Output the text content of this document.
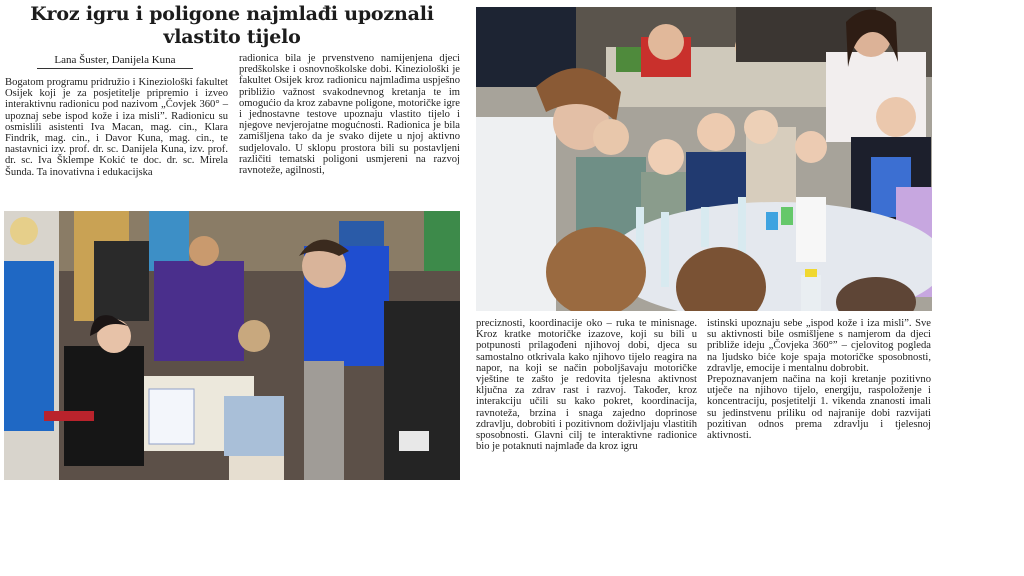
Kroz igru i poligone najmlađi upoznali
vlastito tijelo
Lana Šuster, Danijela Kuna

Bogatom programu pridružio i Kineziološki fakultet Osijek koji je za posjetitelje pripremio i izveo interaktivnu radionicu pod nazivom „Čovjek 360° – upoznaj sebe ispod kože i iza misli”. Radionicu su osmislili asistenti Iva Macan, mag. cin., Klara Findrik, mag. cin., i Davor Kuna, mag. cin., te nastavnici izv. prof. dr. sc. Danijela Kuna, izv. prof. dr. sc. Iva Šklempe Kokić te doc. dr. sc. Mirela Šunda. Ta inovativna i edukacijska

radionica bila je prvenstveno namijenjena djeci predškolske i osnovnoškolske dobi. Kineziološki je fakultet Osijek kroz radionicu najmlađima uspješno približio važnost svakodnevnog kretanja te im omogućio da kroz zabavne poligone, motoričke igre i jednostavne testove upoznaju vlastito tijelo i njegove nevjerojatne mogućnosti. Radionica je bila zamišljena tako da je svako dijete u njoj aktivno sudjelovalo. U sklopu prostora bili su postavljeni različiti tematski poligoni usmjereni na razvoj ravnoteže, agilnosti,

preciznosti, koordinacije oko – ruka te minisnage. Kroz kratke motoričke izazove, koji su bili u potpunosti prilagođeni njihovoj dobi, djeca su samostalno otkrivala kako njihovo tijelo reagira na napor, na koji se način poboljšavaju motoričke vještine te zašto je redovita tjelesna aktivnost ključna za zdrav rast i razvoj. Također, kroz interakciju učili su kako pokret, koordinacija, ravnoteža, brzina i snaga zajedno doprinose zdravlju, dobrobiti i pozitivnom doživljaju vlastitih sposobnosti. Glavni cilj te interaktivne radionice bio je potaknuti najmlađe da kroz igru

istinski upoznaju sebe „ispod kože i iza misli”. Sve su aktivnosti bile osmišljene s namjerom da djeci približe ideju „Čovjeka 360°” – cjelovitog pogleda na ljudsko biće koje spaja motoričke sposobnosti, zdravlje, emocije i mentalnu dobrobit.

Prepoznavanjem načina na koji kretanje pozitivno utječe na njihovo tijelo, energiju, raspoloženje i koncentraciju, posjetitelji 1. vikenda znanosti imali su jedinstvenu priliku od najranije dobi razvijati pozitivan odnos prema zdravlju i tjelesnoj aktivnosti.
